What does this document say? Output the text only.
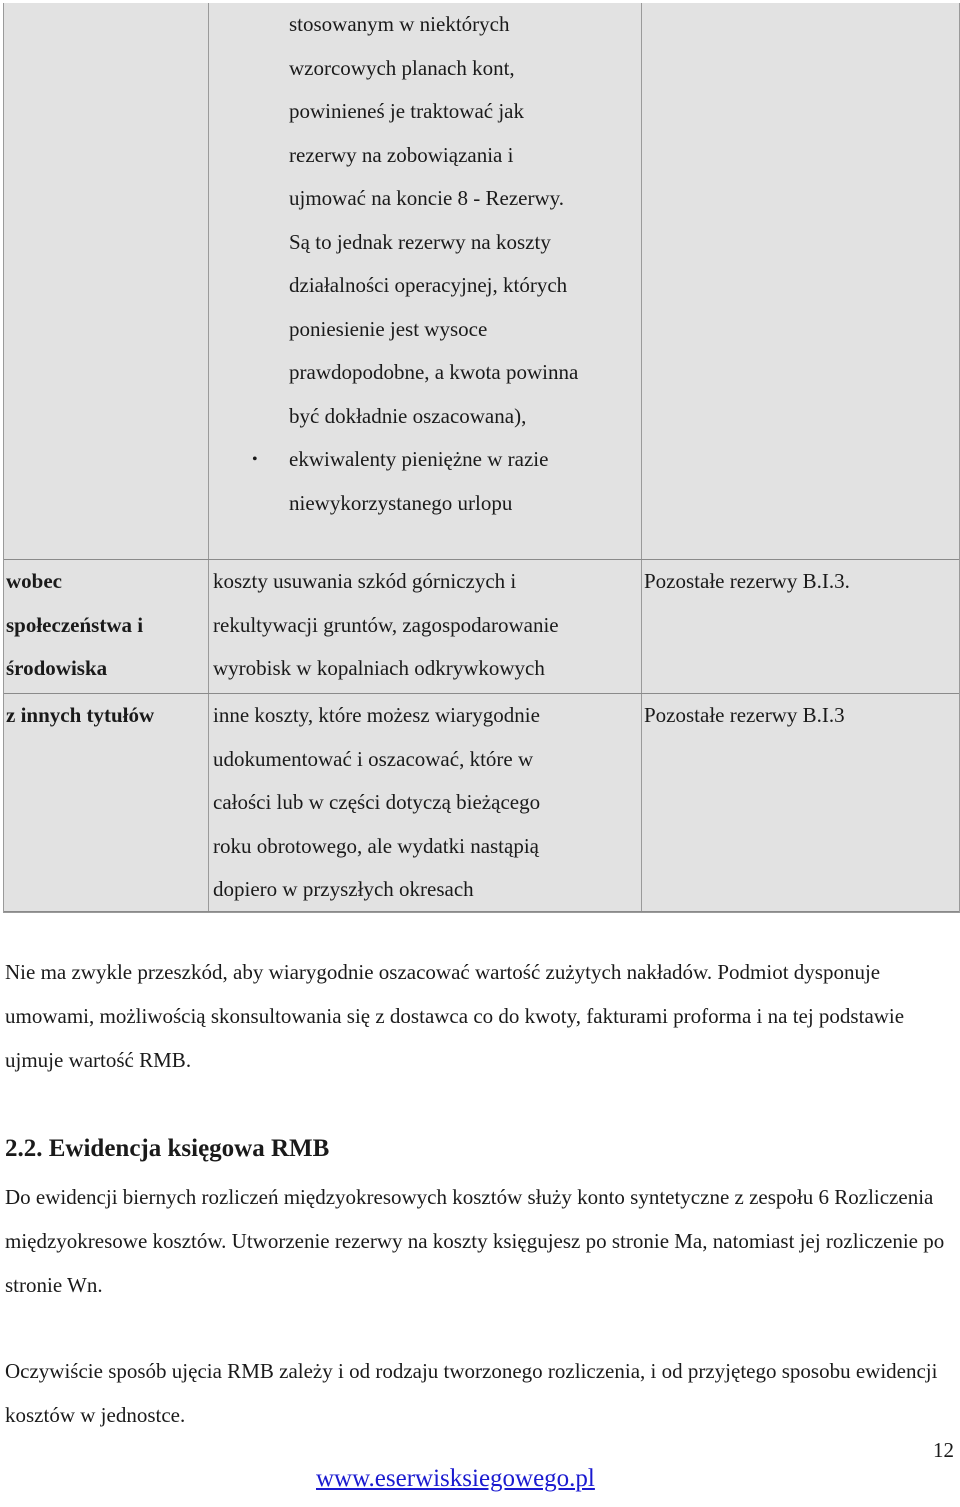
stosowanym w niektórych
wzorcowych planach kont,
powinieneś je traktować jak
rezerwy na zobowiązania i
ujmować na koncie 8 - Rezerwy.
Są to jednak rezerwy na koszty
działalności operacyjnej, których
poniesienie jest wysoce
prawdopodobne, a kwota powinna
być dokładnie oszacowana),
• ekwiwalenty pieniężne w razie
niewykorzystanego urlopu
wobec
społeczeństwa i
środowiska
koszty usuwania szkód górniczych i
rekultywacji gruntów, zagospodarowanie
wyrobisk w kopalniach odkrywkowych
Pozostałe rezerwy B.I.3.
z innych tytułów	inne koszty, które możesz wiarygodnie
udokumentować i oszacować, które w
całości lub w części dotyczą bieżącego
roku obrotowego, ale wydatki nastąpią
dopiero w przyszłych okresach
Pozostałe rezerwy B.I.3

Nie ma zwykle przeszkód, aby wiarygodnie oszacować wartość zużytych nakładów. Podmiot dysponuje umowami, możliwością skonsultowania się z dostawca co do kwoty, fakturami proforma i na tej podstawie ujmuje wartość RMB.

2.2. Ewidencja księgowa RMB

Do ewidencji biernych rozliczeń międzyokresowych kosztów służy konto syntetyczne z zespołu 6 Rozliczenia międzyokresowe kosztów. Utworzenie rezerwy na koszty księgujesz po stronie Ma, natomiast jej rozliczenie po stronie Wn.

Oczywiście sposób ujęcia RMB zależy i od rodzaju tworzonego rozliczenia, i od przyjętego sposobu ewidencji kosztów w jednostce.

12
www.eserwisksiegowego.pl
